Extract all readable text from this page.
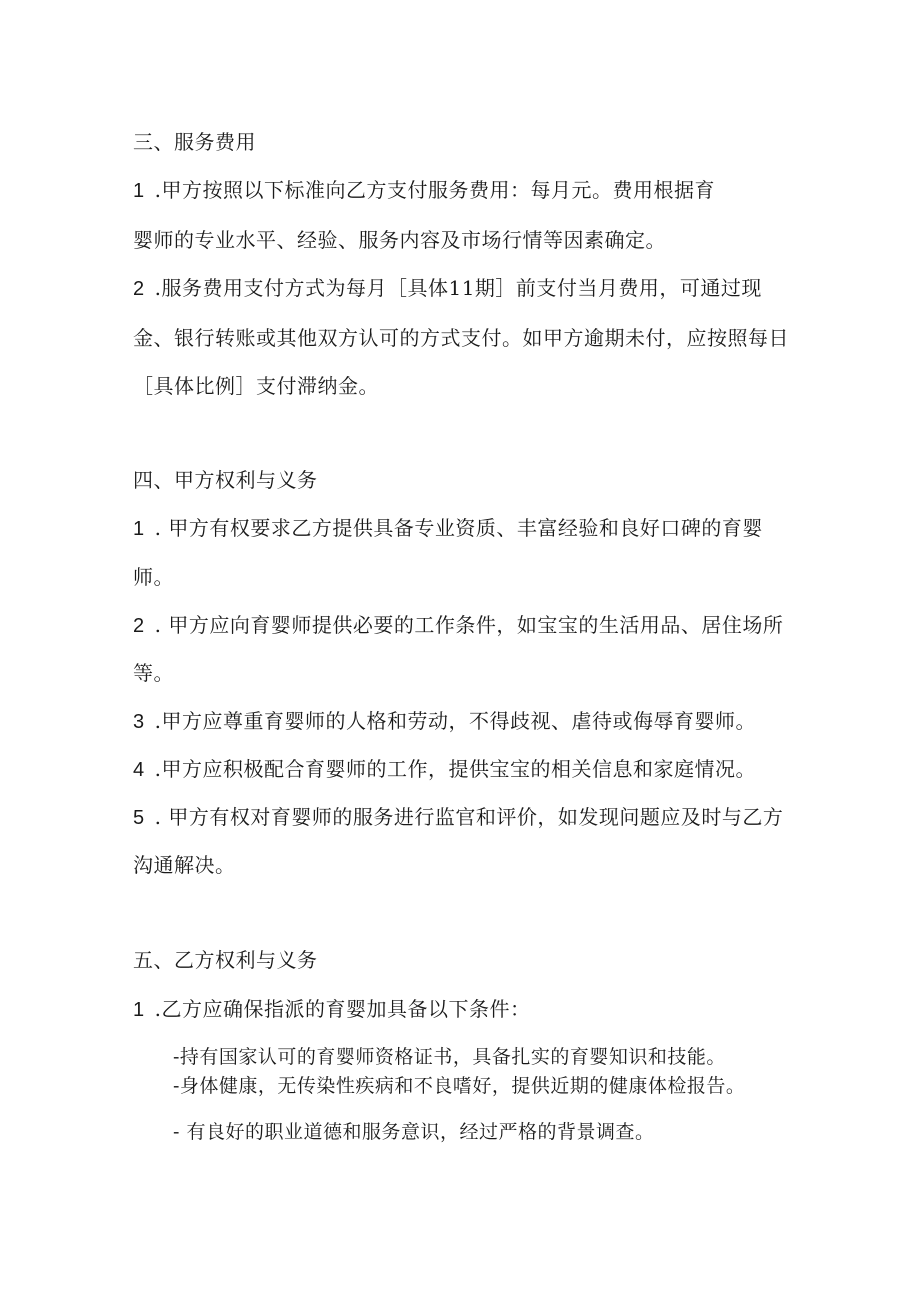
三、服务费用
1 .甲方按照以下标准向乙方支付服务费用：每月元。费用根据育
婴师的专业水平、经验、服务内容及市场行情等因素确定。
2 .服务费用支付方式为每月［具体11期］前支付当月费用，可通过现
金、银行转账或其他双方认可的方式支付。如甲方逾期未付，应按照每日
［具体比例］支付滞纳金。
四、甲方权利与义务
1 . 甲方有权要求乙方提供具备专业资质、丰富经验和良好口碑的育婴
师。
2 . 甲方应向育婴师提供必要的工作条件，如宝宝的生活用品、居住场所
等。
3 .甲方应尊重育婴师的人格和劳动，不得歧视、虐待或侮辱育婴师。
4 .甲方应积极配合育婴师的工作，提供宝宝的相关信息和家庭情况。
5 . 甲方有权对育婴师的服务进行监官和评价，如发现问题应及时与乙方
沟通解决。
五、乙方权利与义务
1 .乙方应确保指派的育婴加具备以下条件：
-持有国家认可的育婴师资格证书，具备扎实的育婴知识和技能。
-身体健康，无传染性疾病和不良嗜好，提供近期的健康体检报告。
- 有良好的职业道德和服务意识，经过严格的背景调查。
